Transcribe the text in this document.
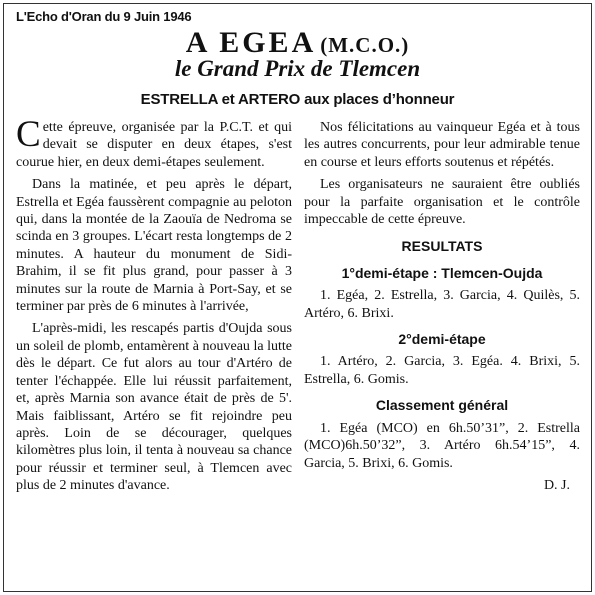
L'Echo d'Oran du 9 Juin 1946
A EGEA (M.C.O.)
le Grand Prix de Tlemcen
ESTRELLA et ARTERO aux places d’honneur

Cette épreuve, organisée par la P.C.T. et qui devait se disputer en deux étapes, s'est courue hier, en deux demi-étapes seulement.

Dans la matinée, et peu après le départ, Estrella et Egéa faussèrent compagnie au peloton qui, dans la montée de la Zaouïa de Nedroma se scinda en 3 groupes. L'écart resta longtemps de 2 minutes. A hauteur du monument de Sidi-Brahim, il se fit plus grand, pour passer à 3 minutes sur la route de Marnia à Port-Say, et se terminer par près de 6 minutes à l'arrivée,

L'après-midi, les rescapés partis d'Oujda sous un soleil de plomb, entamèrent à nouveau la lutte dès le départ. Ce fut alors au tour d'Artéro de tenter l'échappée. Elle lui réussit parfaitement, et, après Marnia son avance était de près de 5'. Mais faiblissant, Artéro se fit rejoindre peu après. Loin de se décourager, quelques kilomètres plus loin, il tenta à nouveau sa chance pour réussir et terminer seul, à Tlemcen avec plus de 2 minutes d'avance.

Nos félicitations au vainqueur Egéa et à tous les autres concurrents, pour leur admirable tenue en course et leurs efforts soutenus et répétés.

Les organisateurs ne sauraient être oubliés pour la parfaite organisation et le contrôle impeccable de cette épreuve.

RESULTATS
1°demi-étape : Tlemcen-Oujda

1. Egéa, 2. Estrella, 3. Garcia, 4. Quilès, 5. Artéro, 6. Brixi.

2°demi-étape

1. Artéro, 2. Garcia, 3. Egéa. 4. Brixi, 5. Estrella, 6. Gomis.

Classement général

1. Egéa (MCO) en 6h.50’31”, 2. Estrella (MCO)6h.50’32”, 3. Artéro 6h.54’15”, 4. Garcia, 5. Brixi, 6. Gomis.

D. J.
